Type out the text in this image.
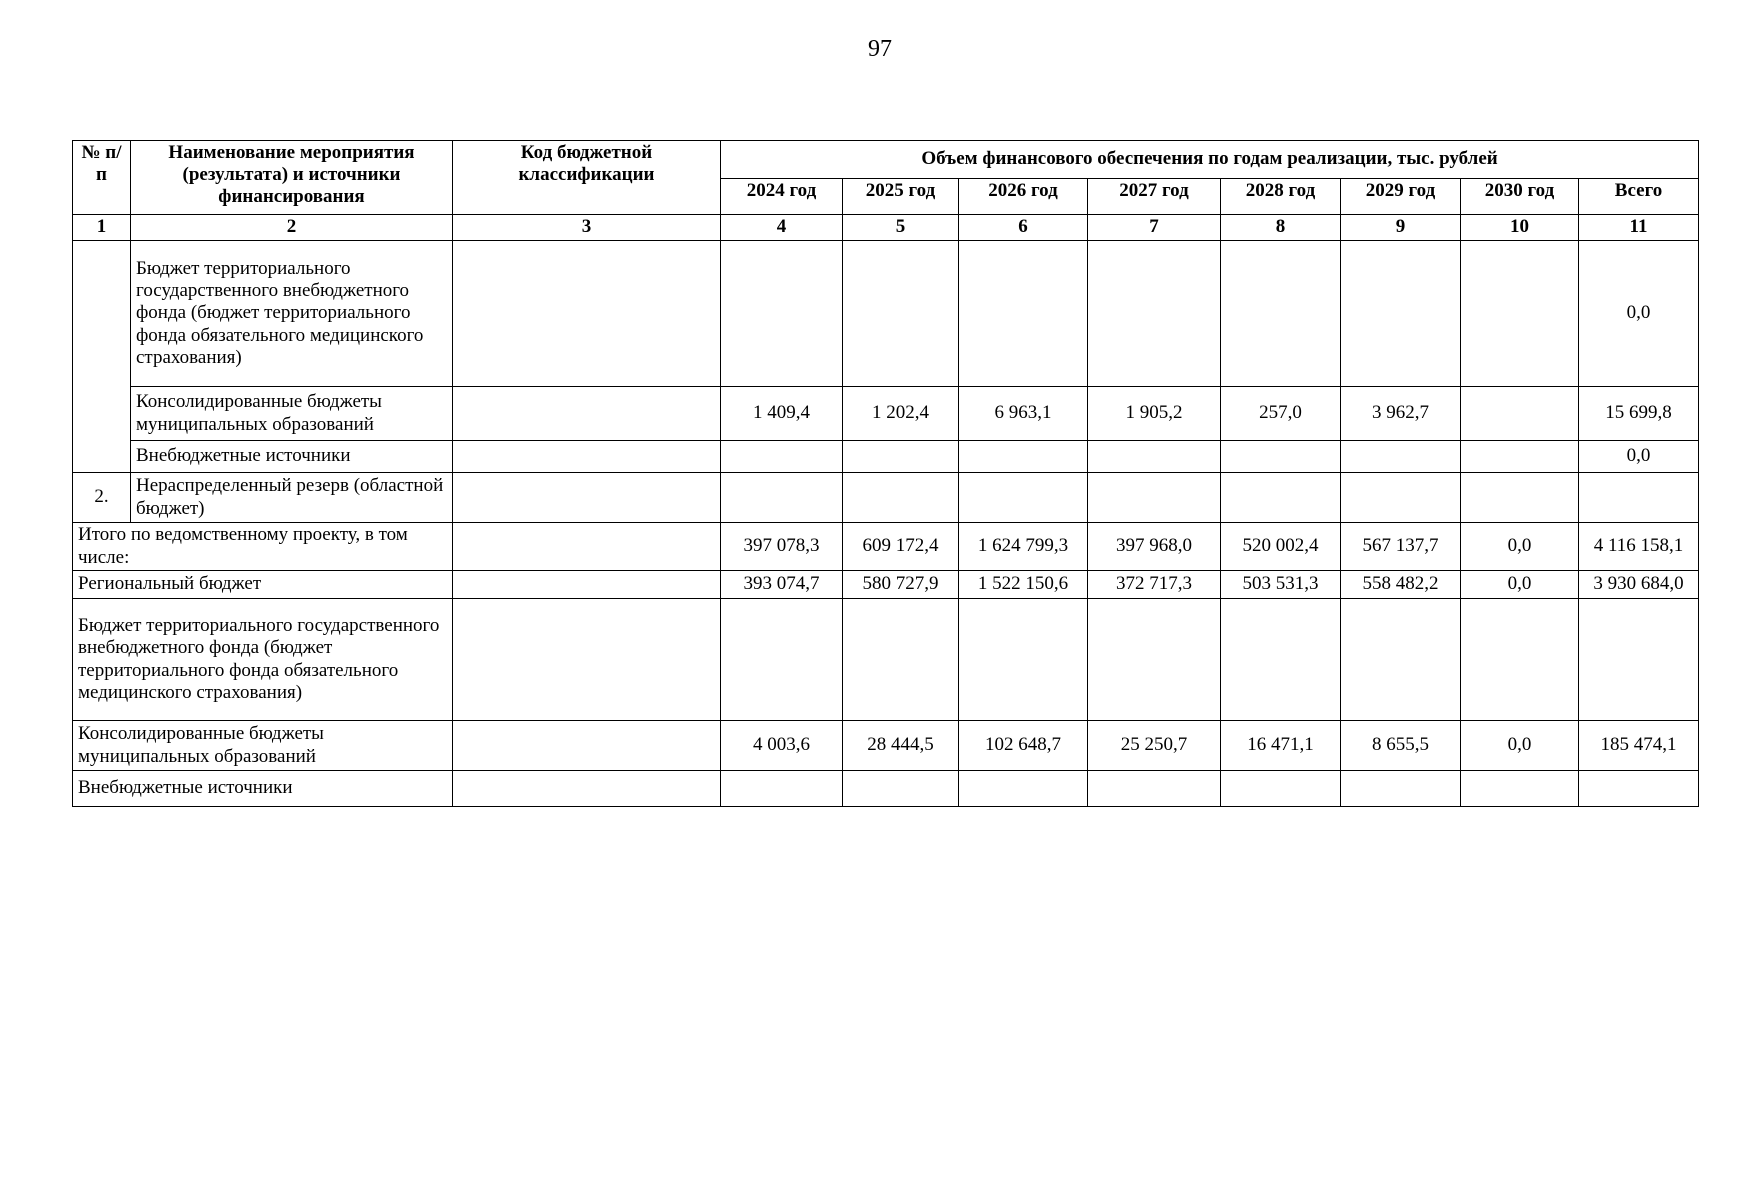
97
№ п/п	Наименование мероприятия (результата) и источники финансирования	Код бюджетной классификации	Объем финансового обеспечения по годам реализации, тыс. рублей							
			2024 год	2025 год	2026 год	2027 год	2028 год	2029 год	2030 год	Всего
1	2	3	4	5	6	7	8	9	10	11
	Бюджет территориального государственного внебюджетного фонда (бюджет территориального фонда обязательного медицинского страхования)									0,0
	Консолидированные бюджеты муниципальных образований		1 409,4	1 202,4	6 963,1	1 905,2	257,0	3 962,7		15 699,8
	Внебюджетные источники									0,0
2.	Нераспределенный резерв (областной бюджет)									
Итого по ведомственному проекту, в том числе:			397 078,3	609 172,4	1 624 799,3	397 968,0	520 002,4	567 137,7	0,0	4 116 158,1
Региональный бюджет			393 074,7	580 727,9	1 522 150,6	372 717,3	503 531,3	558 482,2	0,0	3 930 684,0
Бюджет территориального государственного внебюджетного фонда (бюджет территориального фонда обязательного медицинского страхования)										
Консолидированные бюджеты муниципальных образований			4 003,6	28 444,5	102 648,7	25 250,7	16 471,1	8 655,5	0,0	185 474,1
Внебюджетные источники										
